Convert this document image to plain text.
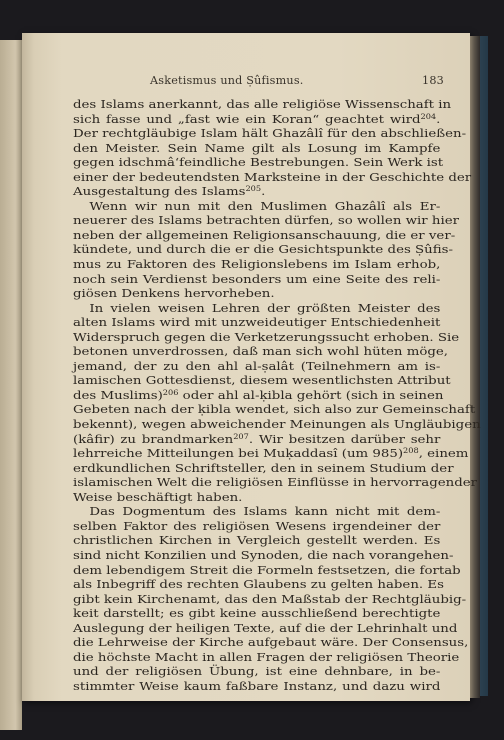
Asketismus und Ṣûfismus.	183
des Islams anerkannt, das alle religiöse Wissenschaft in
sich fasse und „fast wie ein Koran“ geachtet wird$^{204}$.
Der rechtgläubige Islam hält Ghazâlî für den abschließen-
den Meister. Sein Name gilt als Losung im Kampfe
gegen idschmâ‘feindliche Bestrebungen. Sein Werk ist
einer der bedeutendsten Marksteine in der Geschichte der
Ausgestaltung des Islams$^{205}$.
Wenn wir nun mit den Muslimen Ghazâlî als Er-
neuerer des Islams betrachten dürfen, so wollen wir hier
neben der allgemeinen Religionsanschauung, die er ver-
kündete, und durch die er die Gesichtspunkte des Ṣûfis-
mus zu Faktoren des Religionslebens im Islam erhob,
noch sein Verdienst besonders um eine Seite des reli-
giösen Denkens hervorheben.
In vielen weisen Lehren der größten Meister des
alten Islams wird mit unzweideutiger Entschiedenheit
Widerspruch gegen die Verketzerungssucht erhoben. Sie
betonen unverdrossen, daß man sich wohl hüten möge,
jemand, der zu den ahl al-ṣalât (Teilnehmern am is-
lamischen Gottesdienst, diesem wesentlichsten Attribut
des Muslims)$^{206}$ oder ahl al-ḳibla gehört (sich in seinen
Gebeten nach der ḳibla wendet, sich also zur Gemeinschaft
bekennt), wegen abweichender Meinungen als Ungläubigen
(kâfir) zu brandmarken$^{207}$. Wir besitzen darüber sehr
lehrreiche Mitteilungen bei Muḳaddasî (um 985)$^{208}$, einem
erdkundlichen Schriftsteller, den in seinem Studium der
islamischen Welt die religiösen Einflüsse in hervorragender
Weise beschäftigt haben.
Das Dogmentum des Islams kann nicht mit dem-
selben Faktor des religiösen Wesens irgendeiner der
christlichen Kirchen in Vergleich gestellt werden. Es
sind nicht Konzilien und Synoden, die nach vorangehen-
dem lebendigem Streit die Formeln festsetzen, die fortab
als Inbegriff des rechten Glaubens zu gelten haben. Es
gibt kein Kirchenamt, das den Maßstab der Rechtgläubig-
keit darstellt; es gibt keine ausschließend berechtigte
Auslegung der heiligen Texte, auf die der Lehrinhalt und
die Lehrweise der Kirche aufgebaut wäre. Der Consensus,
die höchste Macht in allen Fragen der religiösen Theorie
und der religiösen Übung, ist eine dehnbare, in be-
stimmter Weise kaum faßbare Instanz, und dazu wird
